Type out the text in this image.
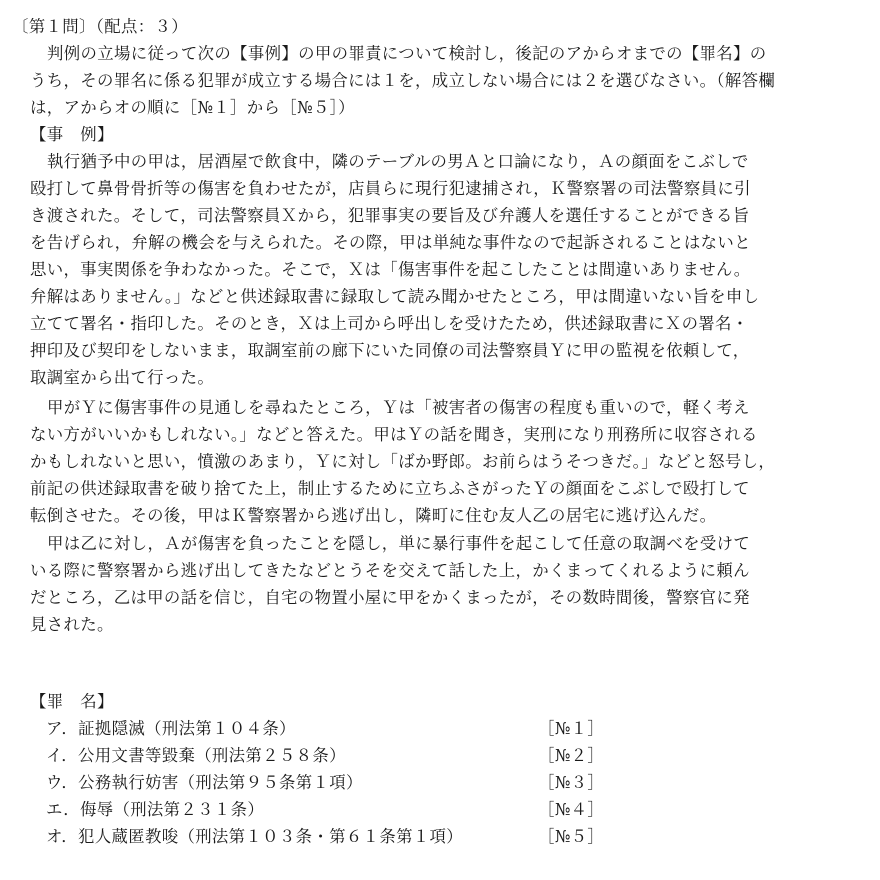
〔第１問〕（配点：３）
判例の立場に従って次の【事例】の甲の罪責について検討し，後記のアからオまでの【罪名】の
うち，その罪名に係る犯罪が成立する場合には１を，成立しない場合には２を選びなさい。（解答欄
は，アからオの順に［№１］から［№５］）
【事　例】
執行猶予中の甲は，居酒屋で飲食中，隣のテーブルの男Ａと口論になり，Ａの顔面をこぶしで
殴打して鼻骨骨折等の傷害を負わせたが，店員らに現行犯逮捕され，Ｋ警察署の司法警察員に引
き渡された。そして，司法警察員Ｘから，犯罪事実の要旨及び弁護人を選任することができる旨
を告げられ，弁解の機会を与えられた。その際，甲は単純な事件なので起訴されることはないと
思い，事実関係を争わなかった。そこで，Ｘは「傷害事件を起こしたことは間違いありません。
弁解はありません。」などと供述録取書に録取して読み聞かせたところ，甲は間違いない旨を申し
立てて署名・指印した。そのとき，Ｘは上司から呼出しを受けたため，供述録取書にＸの署名・
押印及び契印をしないまま，取調室前の廊下にいた同僚の司法警察員Ｙに甲の監視を依頼して，
取調室から出て行った。
甲がＹに傷害事件の見通しを尋ねたところ，Ｙは「被害者の傷害の程度も重いので，軽く考え
ない方がいいかもしれない。」などと答えた。甲はＹの話を聞き，実刑になり刑務所に収容される
かもしれないと思い，憤激のあまり，Ｙに対し「ばか野郎。お前らはうそつきだ。」などと怒号し，
前記の供述録取書を破り捨てた上，制止するために立ちふさがったＹの顔面をこぶしで殴打して
転倒させた。その後，甲はＫ警察署から逃げ出し，隣町に住む友人乙の居宅に逃げ込んだ。
甲は乙に対し，Ａが傷害を負ったことを隠し，単に暴行事件を起こして任意の取調べを受けて
いる際に警察署から逃げ出してきたなどとうそを交えて話した上，かくまってくれるように頼ん
だところ，乙は甲の話を信じ，自宅の物置小屋に甲をかくまったが，その数時間後，警察官に発
見された。
【罪　名】
ア．証拠隠滅（刑法第１０４条）	［№１］
イ．公用文書等毀棄（刑法第２５８条）	［№２］
ウ．公務執行妨害（刑法第９５条第１項）	［№３］
エ．侮辱（刑法第２３１条）	［№４］
オ．犯人蔵匿教唆（刑法第１０３条・第６１条第１項）	［№５］
